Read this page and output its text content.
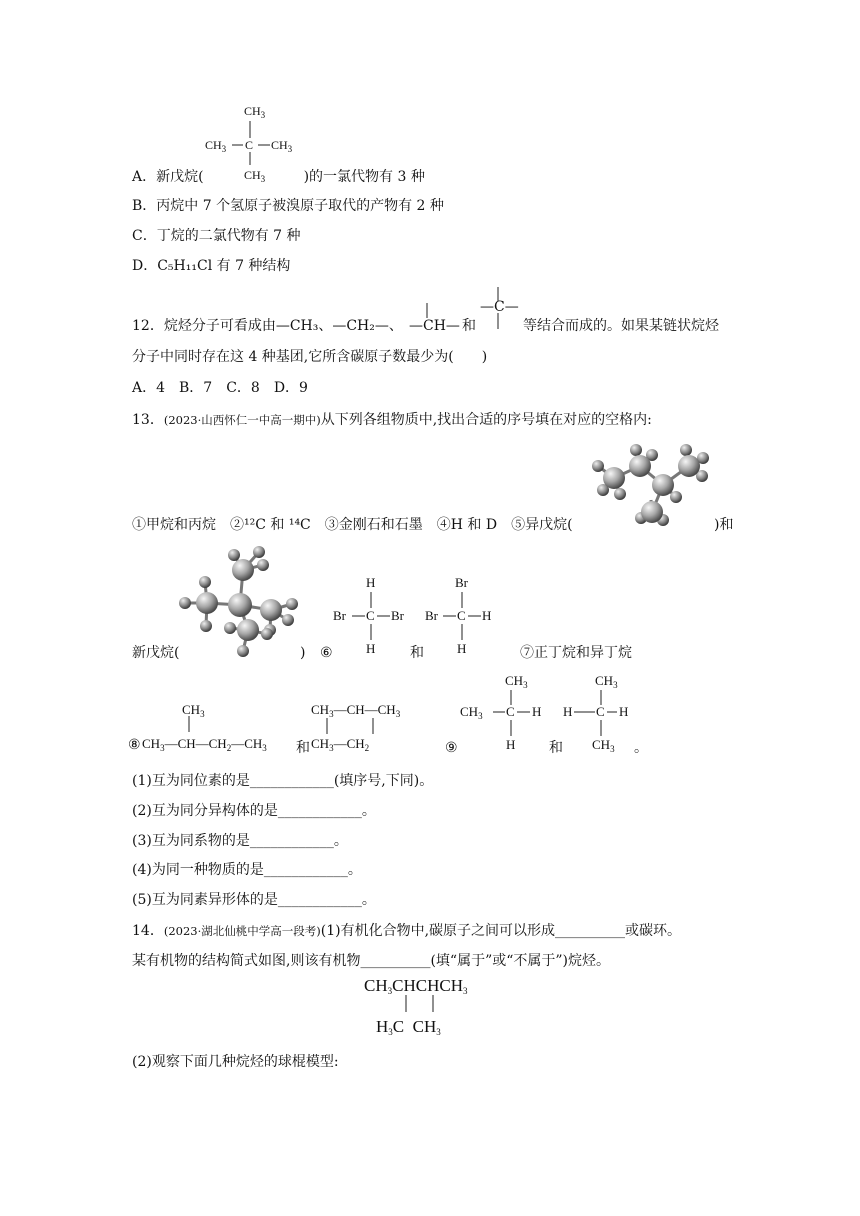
$CH_3$
$CH_3$ C $CH_3$
$CH_3$
A．新戊烷(	)的一氯代物有 3 种
B．丙烷中 7 个氢原子被溴原子取代的产物有 2 种
C．丁烷的二氯代物有 7 种
D．C₅H₁₁Cl 有 7 种结构
12．烷烃分子可看成由—CH₃、—CH₂—、 —CH— 和
—C—
等结合而成的。如果某链状烷烃
分子中同时存在这 4 种基团,它所含碳原子数最少为(　　)
A．4　B．7　C．8　D．9
13．(2023·山西怀仁一中高一期中)从下列各组物质中,找出合适的序号填在对应的空格内:
①甲烷和丙烷　②¹²C 和 ¹⁴C　③金刚石和石墨　④H 和 D　⑤异戊烷(	)和
H
Br C Br
H
Br
Br C H
H
新戊烷(	) ⑥	和	⑦正丁烷和异丁烷
$CH_3$
⑧ $CH_3—CH—CH_2—CH_3$ 和
$CH_3—CH—CH_3$
$CH_3—CH_2$
$CH_3$
$CH_3$ C H
H
⑨	和
$CH_3$
H C H
$CH_3$ 。
(1)互为同位素的是____________(填序号,下同)。
(2)互为同分异构体的是____________。
(3)互为同系物的是____________。
(4)为同一种物质的是____________。
(5)互为同素异形体的是____________。
14．(2023·湖北仙桃中学高一段考)(1)有机化合物中,碳原子之间可以形成__________或碳环。
某有机物的结构简式如图,则该有机物__________(填“属于”或“不属于”)烷烃。
$CH_3CHCHCH_3$
$H_3C$ $CH_3$
(2)观察下面几种烷烃的球棍模型:
